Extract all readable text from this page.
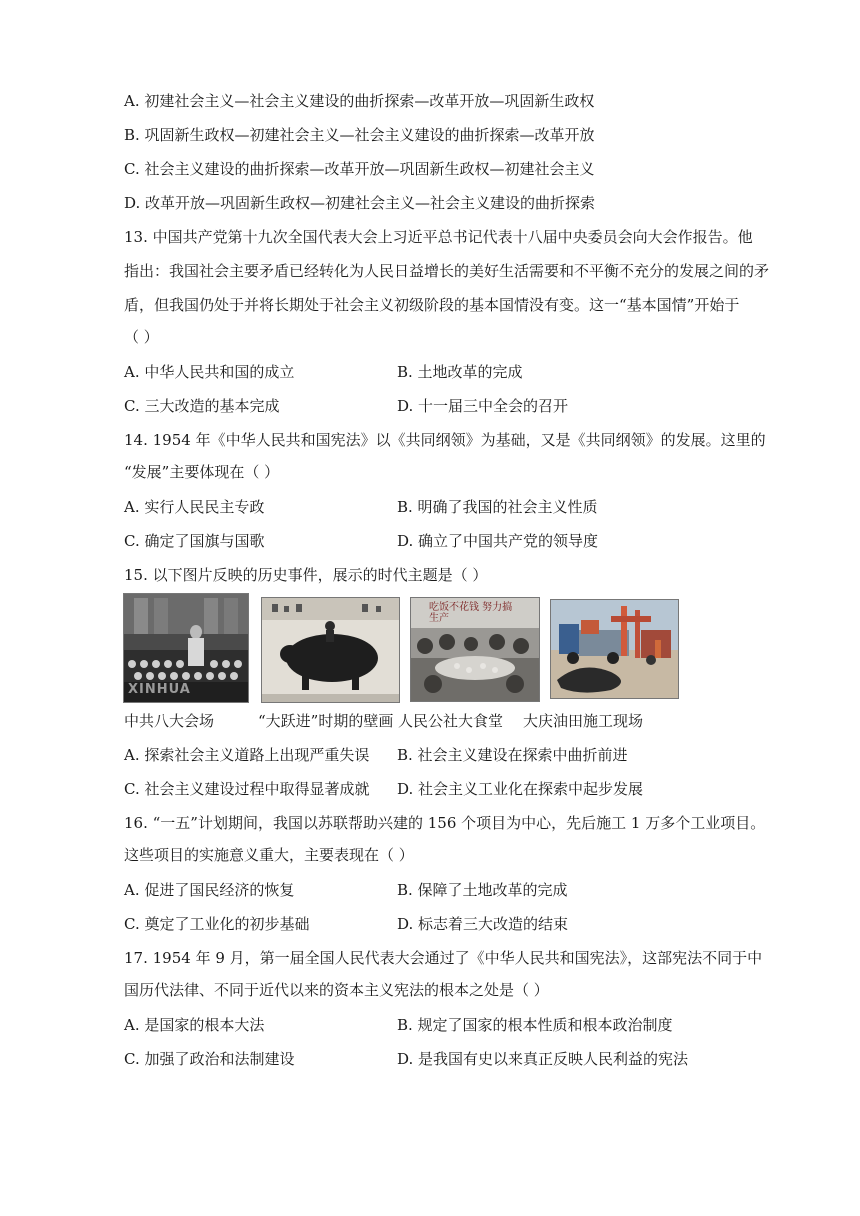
A. 初建社会主义—社会主义建设的曲折探索—改革开放—巩固新生政权
B. 巩固新生政权—初建社会主义—社会主义建设的曲折探索—改革开放
C. 社会主义建设的曲折探索—改革开放—巩固新生政权—初建社会主义
D. 改革开放—巩固新生政权—初建社会主义—社会主义建设的曲折探索
13. 中国共产党第十九次全国代表大会上习近平总书记代表十八届中央委员会向大会作报告。他
指出：我国社会主要矛盾已经转化为人民日益增长的美好生活需要和不平衡不充分的发展之间的矛
盾，但我国仍处于并将长期处于社会主义初级阶段的基本国情没有变。这一“基本国情”开始于
（ ）
A. 中华人民共和国的成立	B. 土地改革的完成
C. 三大改造的基本完成	D. 十一届三中全会的召开
14. 1954 年《中华人民共和国宪法》以《共同纲领》为基础，又是《共同纲领》的发展。这里的
“发展”主要体现在（ ）
A. 实行人民民主专政	B. 明确了我国的社会主义性质
C. 确定了国旗与国歌	D. 确立了中国共产党的领导度
15. 以下图片反映的历史事件，展示的时代主题是（ ）
XINHUA
吃饭不花钱 努力搞生产
中共八大会场	“大跃进”时期的壁画 人民公社大食堂 大庆油田施工现场
A. 探索社会主义道路上出现严重失误 B. 社会主义建设在探索中曲折前进
C. 社会主义建设过程中取得显著成就 D. 社会主义工业化在探索中起步发展
16. “一五”计划期间，我国以苏联帮助兴建的 156 个项目为中心，先后施工 1 万多个工业项目。
这些项目的实施意义重大，主要表现在（ ）
A. 促进了国民经济的恢复	B. 保障了土地改革的完成
C. 奠定了工业化的初步基础	D. 标志着三大改造的结束
17. 1954 年 9 月，第一届全国人民代表大会通过了《中华人民共和国宪法》，这部宪法不同于中
国历代法律、不同于近代以来的资本主义宪法的根本之处是（ ）
A. 是国家的根本大法	B. 规定了国家的根本性质和根本政治制度
C. 加强了政治和法制建设	D. 是我国有史以来真正反映人民利益的宪法
